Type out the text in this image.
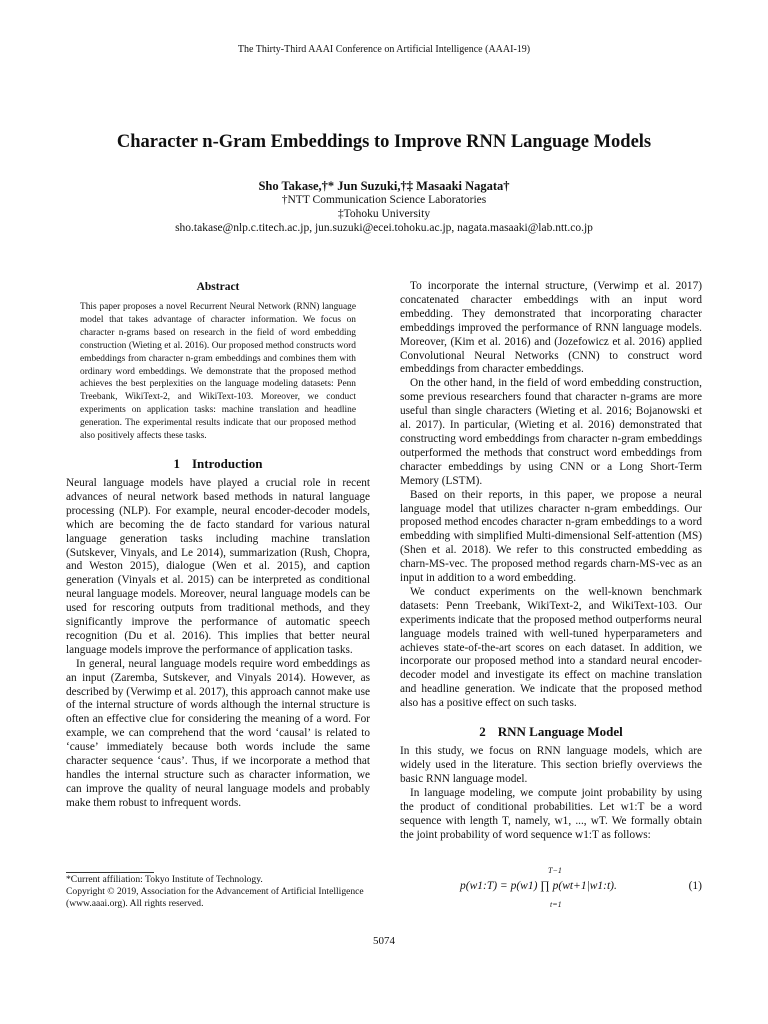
The Thirty-Third AAAI Conference on Artificial Intelligence (AAAI-19)
Character n-Gram Embeddings to Improve RNN Language Models
Sho Takase,†* Jun Suzuki,†‡ Masaaki Nagata†
†NTT Communication Science Laboratories
‡Tohoku University
sho.takase@nlp.c.titech.ac.jp, jun.suzuki@ecei.tohoku.ac.jp, nagata.masaaki@lab.ntt.co.jp
Abstract
This paper proposes a novel Recurrent Neural Network (RNN) language model that takes advantage of character information. We focus on character n-grams based on research in the field of word embedding construction (Wieting et al. 2016). Our proposed method constructs word embeddings from character n-gram embeddings and combines them with ordinary word embeddings. We demonstrate that the proposed method achieves the best perplexities on the language modeling datasets: Penn Treebank, WikiText-2, and WikiText-103. Moreover, we conduct experiments on application tasks: machine translation and headline generation. The experimental results indicate that our proposed method also positively affects these tasks.
1 Introduction

Neural language models have played a crucial role in recent advances of neural network based methods in natural language processing (NLP). For example, neural encoder-decoder models, which are becoming the de facto standard for various natural language generation tasks including machine translation (Sutskever, Vinyals, and Le 2014), summarization (Rush, Chopra, and Weston 2015), dialogue (Wen et al. 2015), and caption generation (Vinyals et al. 2015) can be interpreted as conditional neural language models. Moreover, neural language models can be used for rescoring outputs from traditional methods, and they significantly improve the performance of automatic speech recognition (Du et al. 2016). This implies that better neural language models improve the performance of application tasks.

In general, neural language models require word embeddings as an input (Zaremba, Sutskever, and Vinyals 2014). However, as described by (Verwimp et al. 2017), this approach cannot make use of the internal structure of words although the internal structure is often an effective clue for considering the meaning of a word. For example, we can comprehend that the word ‘causal’ is related to ‘cause’ immediately because both words include the same character sequence ‘caus’. Thus, if we incorporate a method that handles the internal structure such as character information, we can improve the quality of neural language models and probably make them robust to infrequent words.

To incorporate the internal structure, (Verwimp et al. 2017) concatenated character embeddings with an input word embedding. They demonstrated that incorporating character embeddings improved the performance of RNN language models. Moreover, (Kim et al. 2016) and (Jozefowicz et al. 2016) applied Convolutional Neural Networks (CNN) to construct word embeddings from character embeddings.

On the other hand, in the field of word embedding construction, some previous researchers found that character n-grams are more useful than single characters (Wieting et al. 2016; Bojanowski et al. 2017). In particular, (Wieting et al. 2016) demonstrated that constructing word embeddings from character n-gram embeddings outperformed the methods that construct word embeddings from character embeddings by using CNN or a Long Short-Term Memory (LSTM).

Based on their reports, in this paper, we propose a neural language model that utilizes character n-gram embeddings. Our proposed method encodes character n-gram embeddings to a word embedding with simplified Multi-dimensional Self-attention (MS) (Shen et al. 2018). We refer to this constructed embedding as charn-MS-vec. The proposed method regards charn-MS-vec as an input in addition to a word embedding.

We conduct experiments on the well-known benchmark datasets: Penn Treebank, WikiText-2, and WikiText-103. Our experiments indicate that the proposed method outperforms neural language models trained with well-tuned hyperparameters and achieves state-of-the-art scores on each dataset. In addition, we incorporate our proposed method into a standard neural encoder-decoder model and investigate its effect on machine translation and headline generation. We indicate that the proposed method also has a positive effect on such tasks.

2 RNN Language Model

In this study, we focus on RNN language models, which are widely used in the literature. This section briefly overviews the basic RNN language model.

In language modeling, we compute joint probability by using the product of conditional probabilities. Let w1:T be a word sequence with length T, namely, w1, ..., wT. We formally obtain the joint probability of word sequence w1:T as follows:

T−1
p(w1:T) = p(w1) ∏ p(wt+1|w1:t).
t=1
(1)
*Current affiliation: Tokyo Institute of Technology.
Copyright © 2019, Association for the Advancement of Artificial Intelligence (www.aaai.org). All rights reserved.
5074
